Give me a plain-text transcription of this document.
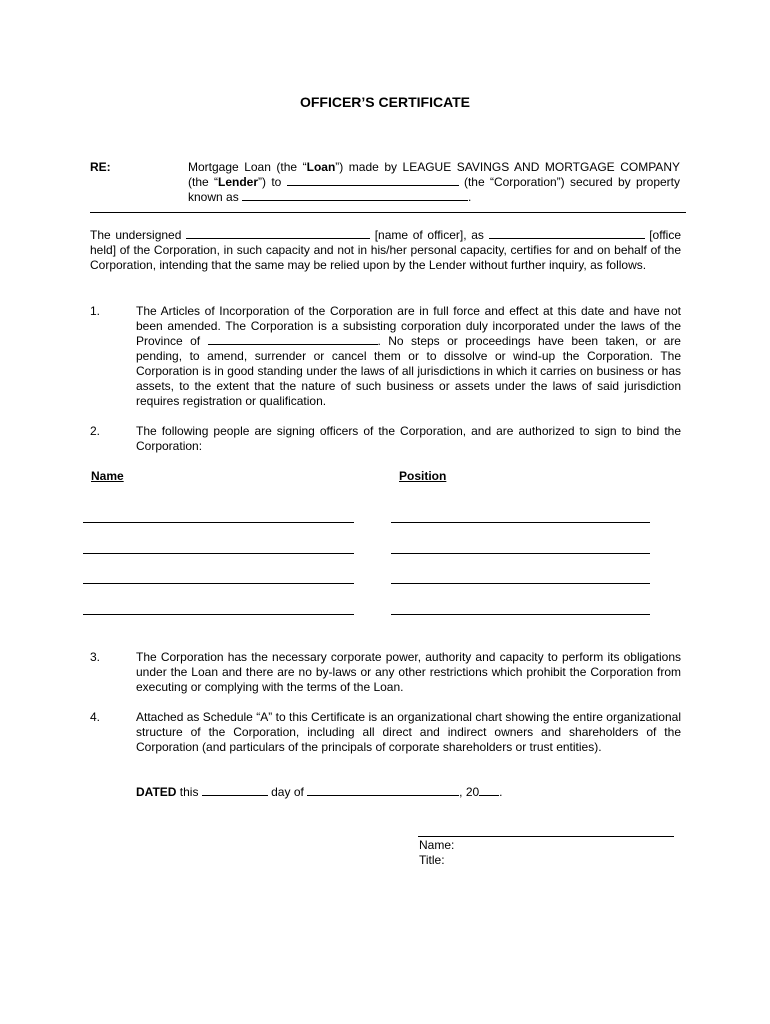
OFFICER’S CERTIFICATE
RE:	Mortgage Loan (the “Loan”) made by LEAGUE SAVINGS AND MORTGAGE COMPANY (the “Lender”) to	(the “Corporation”) secured by property known as	.
The undersigned	[name of officer], as	[office held] of the Corporation, in such capacity and not in his/her personal capacity, certifies for and on behalf of the Corporation, intending that the same may be relied upon by the Lender without further inquiry, as follows.
1.	The Articles of Incorporation of the Corporation are in full force and effect at this date and have not been amended. The Corporation is a subsisting corporation duly incorporated under the laws of the Province of	. No steps or proceedings have been taken, or are pending, to amend, surrender or cancel them or to dissolve or wind-up the Corporation. The Corporation is in good standing under the laws of all jurisdictions in which it carries on business or has assets, to the extent that the nature of such business or assets under the laws of said jurisdiction requires registration or qualification.
2.	The following people are signing officers of the Corporation, and are authorized to sign to bind the Corporation:
Name	Position
3.	The Corporation has the necessary corporate power, authority and capacity to perform its obligations under the Loan and there are no by-laws or any other restrictions which prohibit the Corporation from executing or complying with the terms of the Loan.
4.	Attached as Schedule “A” to this Certificate is an organizational chart showing the entire organizational structure of the Corporation, including all direct and indirect owners and shareholders of the Corporation (and particulars of the principals of corporate shareholders or trust entities).
DATED this	day of	, 20 .
Name:
Title:
